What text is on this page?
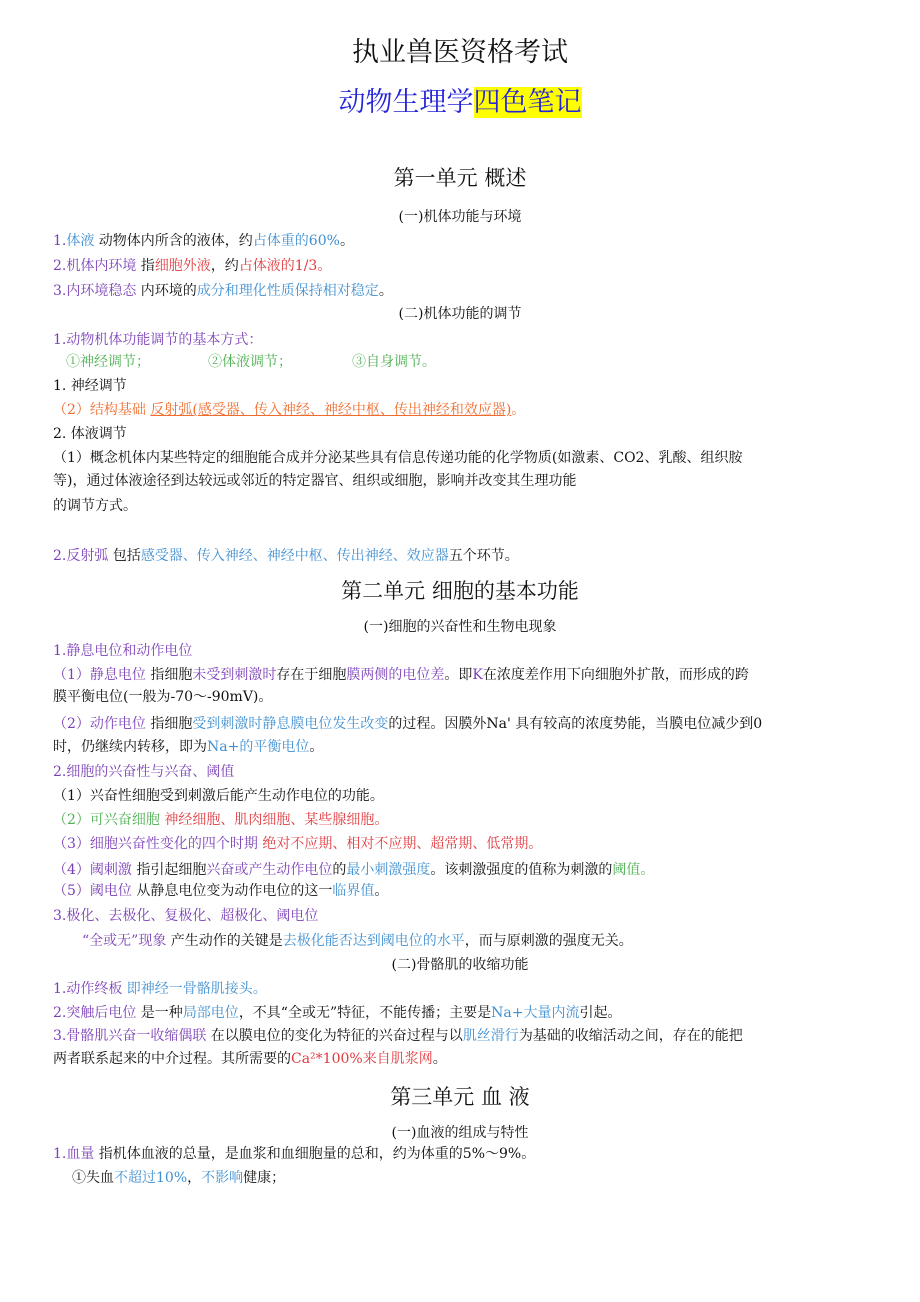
执业兽医资格考试
动物生理学四色笔记
第一单元 概述
(一)机体功能与环境
1.体液 动物体内所含的液体，约占体重的60%。
2.机体内环境 指细胞外液，约占体液的1/3。
3.内环境稳态 内环境的成分和理化性质保持相对稳定。
(二)机体功能的调节
1.动物机体功能调节的基本方式：
①神经调节；	②体液调节；	③自身调节。
1. 神经调节
（2）结构基础 反射弧(感受器、传入神经、神经中枢、传出神经和效应器)。
2. 体液调节
（1）概念机体内某些特定的细胞能合成并分泌某些具有信息传递功能的化学物质(如激素、CO2、乳酸、组织胺
等)，通过体液途径到达较远或邻近的特定器官、组织或细胞，影响并改变其生理功能
的调节方式。
2.反射弧 包括感受器、传入神经、神经中枢、传出神经、效应器五个环节。
第二单元 细胞的基本功能
(一)细胞的兴奋性和生物电现象
1.静息电位和动作电位
（1）静息电位 指细胞未受到刺激时存在于细胞膜两侧的电位差。即K在浓度差作用下向细胞外扩散，而形成的跨
膜平衡电位(一般为-70～-90mV)。
（2）动作电位 指细胞受到刺激时静息膜电位发生改变的过程。因膜外Na' 具有较高的浓度势能，当膜电位减少到0
时，仍继续内转移，即为Na+的平衡电位。
2.细胞的兴奋性与兴奋、阈值
（1）兴奋性细胞受到刺激后能产生动作电位的功能。
（2）可兴奋细胞 神经细胞、肌肉细胞、某些腺细胞。
（3）细胞兴奋性变化的四个时期 绝对不应期、相对不应期、超常期、低常期。
（4）阈刺激 指引起细胞兴奋或产生动作电位的最小刺激强度。该刺激强度的值称为刺激的阈值。
（5）阈电位 从静息电位变为动作电位的这一临界值。
3.极化、去极化、复极化、超极化、阈电位
“全或无”现象 产生动作的关键是去极化能否达到阈电位的水平，而与原刺激的强度无关。
(二)骨骼肌的收缩功能
1.动作终板 即神经一骨骼肌接头。
2.突触后电位 是一种局部电位，不具“全或无”特征，不能传播；主要是Na+大量内流引起。
3.骨骼肌兴奋一收缩偶联 在以膜电位的变化为特征的兴奋过程与以肌丝滑行为基础的收缩活动之间，存在的能把
两者联系起来的中介过程。其所需要的Ca²*100%来自肌浆网。
第三单元 血 液
(一)血液的组成与特性
1.血量 指机体血液的总量，是血浆和血细胞量的总和，约为体重的5%～9%。
①失血不超过10%，不影响健康；
